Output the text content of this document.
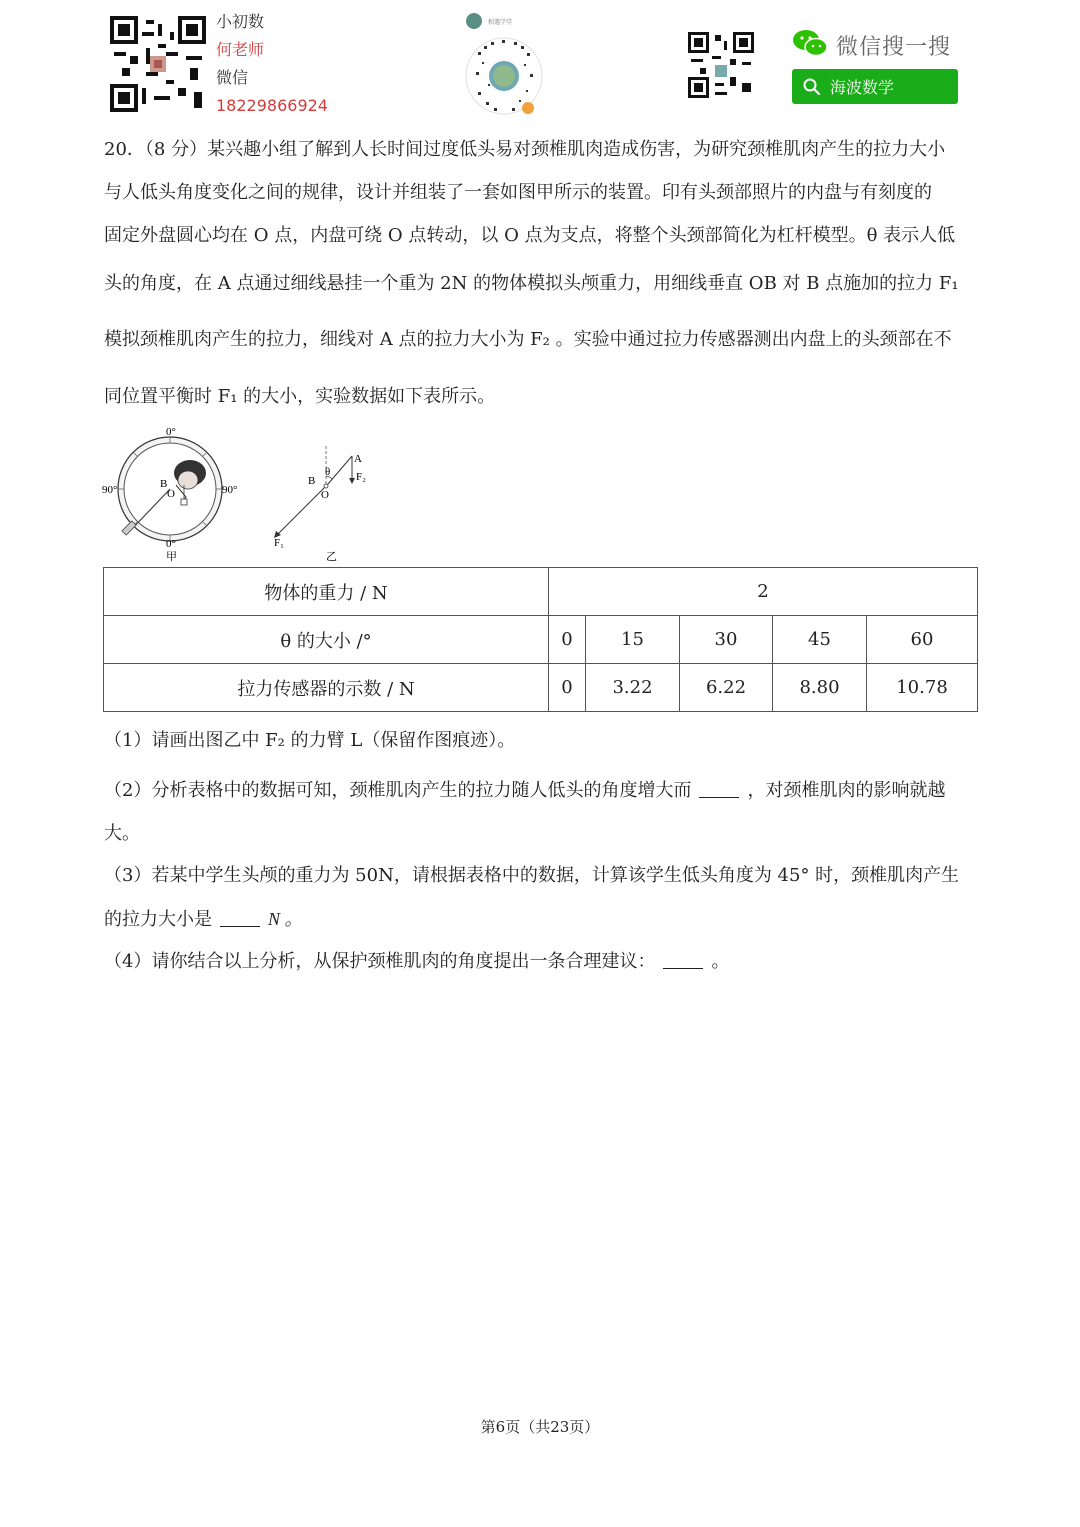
小初数
何老师
微信
18229866924
相遇学堂
微信搜一搜
海波数学
20．（8 分）某兴趣小组了解到人长时间过度低头易对颈椎肌肉造成伤害，为研究颈椎肌肉产生的拉力大小
与人低头角度变化之间的规律，设计并组装了一套如图甲所示的装置。印有头颈部照片的内盘与有刻度的
固定外盘圆心均在 O 点，内盘可绕 O 点转动，以 O 点为支点，将整个头颈部简化为杠杆模型。θ 表示人低
头的角度，在 A 点通过细线悬挂一个重为 2N 的物体模拟头颅重力，用细线垂直 OB 对 B 点施加的拉力 F₁
模拟颈椎肌肉产生的拉力，细线对 A 点的拉力大小为 F₂ 。实验中通过拉力传感器测出内盘上的头颈部在不
同位置平衡时 F₁ 的大小，实验数据如下表所示。
0°
0°
90°	90°
O
B
甲
θ
A
F₂
B
O
F₁
乙
物体的重力 / N	2				
θ 的大小 /°	0	15	30	45	60
拉力传感器的示数 / N	0	3.22	6.22	8.80	10.78
（1）请画出图乙中 F₂ 的力臂 L（保留作图痕迹）。
（2）分析表格中的数据可知，颈椎肌肉产生的拉力随人低头的角度增大而	，对颈椎肌肉的影响就越
大。
（3）若某中学生头颅的重力为 50N，请根据表格中的数据，计算该学生低头角度为 45° 时，颈椎肌肉产生
的拉力大小是	N 。
（4）请你结合以上分析，从保护颈椎肌肉的角度提出一条合理建议：	。
第6页（共23页）
